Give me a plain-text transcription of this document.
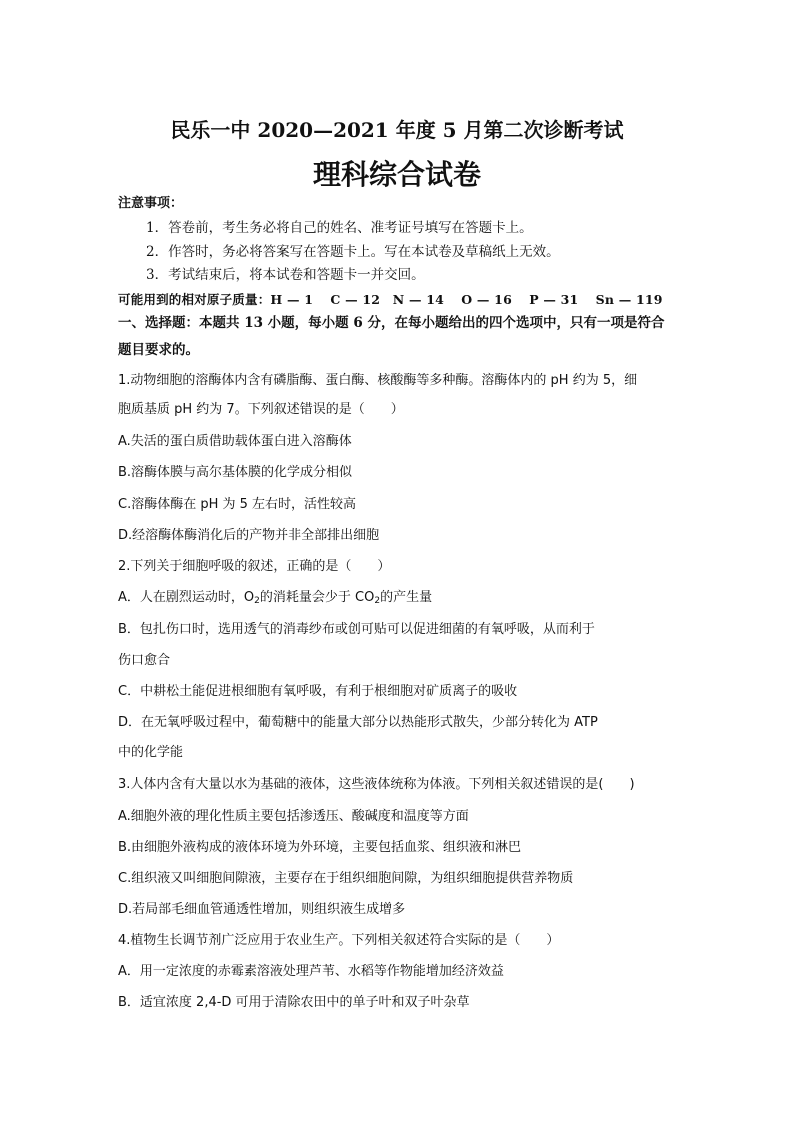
民乐一中 2020—2021 年度 5 月第二次诊断考试
理科综合试卷
注意事项：
1．答卷前，考生务必将自己的姓名、准考证号填写在答题卡上。
2．作答时，务必将答案写在答题卡上。写在本试卷及草稿纸上无效。
3．考试结束后，将本试卷和答题卡一并交回。
可能用到的相对原子质量：H — 1　 C — 12　N — 14　 O — 16　 P — 31　 Sn — 119
一、选择题：本题共 13 小题，每小题 6 分，在每小题给出的四个选项中，只有一项是符合
题目要求的。
1.动物细胞的溶酶体内含有磷脂酶、蛋白酶、核酸酶等多种酶。溶酶体内的 pH 约为 5，细
胞质基质 pH 约为 7。下列叙述错误的是（　　）
A.失活的蛋白质借助载体蛋白进入溶酶体
B.溶酶体膜与高尔基体膜的化学成分相似
C.溶酶体酶在 pH 为 5 左右时，活性较高
D.经溶酶体酶消化后的产物并非全部排出细胞
2.下列关于细胞呼吸的叙述，正确的是（　　）
A．人在剧烈运动时，$O_2$的消耗量会少于 $CO_2$的产生量
B．包扎伤口时，选用透气的消毒纱布或创可贴可以促进细菌的有氧呼吸，从而利于
伤口愈合
C．中耕松土能促进根细胞有氧呼吸，有利于根细胞对矿质离子的吸收
D．在无氧呼吸过程中，葡萄糖中的能量大部分以热能形式散失，少部分转化为 ATP
中的化学能
3.人体内含有大量以水为基础的液体，这些液体统称为体液。下列相关叙述错误的是(　　)
A.细胞外液的理化性质主要包括渗透压、酸碱度和温度等方面
B.由细胞外液构成的液体环境为外环境，主要包括血浆、组织液和淋巴
C.组织液又叫细胞间隙液，主要存在于组织细胞间隙，为组织细胞提供营养物质
D.若局部毛细血管通透性增加，则组织液生成增多
4.植物生长调节剂广泛应用于农业生产。下列相关叙述符合实际的是（　　）
A．用一定浓度的赤霉素溶液处理芦苇、水稻等作物能增加经济效益
B．适宜浓度 2,4-D 可用于清除农田中的单子叶和双子叶杂草
